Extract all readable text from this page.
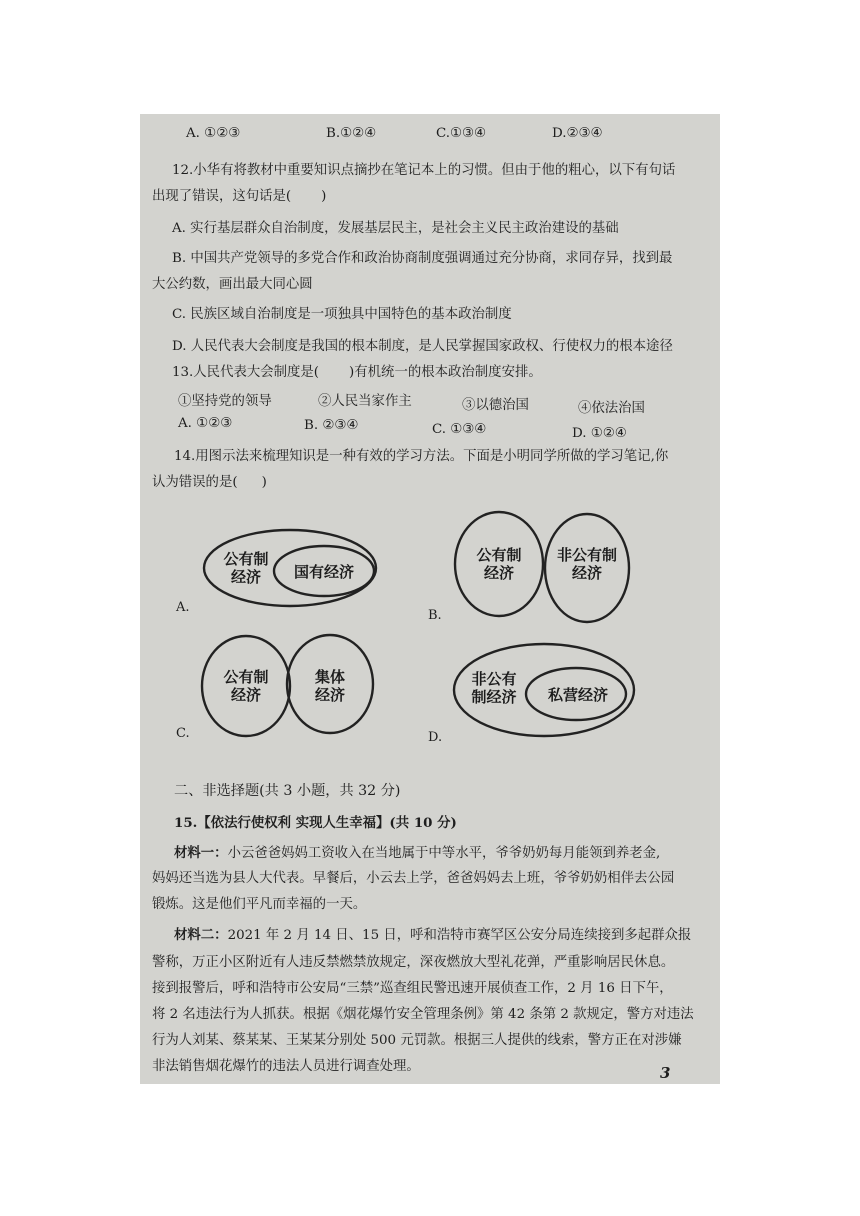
A. ①②③	B.①②④	C.①③④	D.②③④
12.小华有将教材中重要知识点摘抄在笔记本上的习惯。但由于他的粗心，以下有句话
出现了错误，这句话是( )
A. 实行基层群众自治制度，发展基层民主，是社会主义民主政治建设的基础
B. 中国共产党领导的多党合作和政治协商制度强调通过充分协商，求同存异，找到最
大公约数，画出最大同心圆
C. 民族区域自治制度是一项独具中国特色的基本政治制度
D. 人民代表大会制度是我国的根本制度，是人民掌握国家政权、行使权力的根本途径
13.人民代表大会制度是( )有机统一的根本政治制度安排。
①坚持党的领导	②人民当家作主	③以德治国	④依法治国
A. ①②③	B. ②③④	C. ①③④	D. ①②④
14.用图示法来梳理知识是一种有效的学习方法。下面是小明同学所做的学习笔记,你
认为错误的是( )
公有制
经济 国有经济
A.
公有制
经济
非公有制
经济
B.
公有制
经济
集体
经济
C.
非公有
制经济 私营经济
D.
二、非选择题(共 3 小题，共 32 分)
15.【依法行使权利 实现人生幸福】(共 10 分)
材料一：小云爸爸妈妈工资收入在当地属于中等水平，爷爷奶奶每月能领到养老金,
妈妈还当选为县人大代表。早餐后，小云去上学，爸爸妈妈去上班，爷爷奶奶相伴去公园
锻炼。这是他们平凡而幸福的一天。
材料二：2021 年 2 月 14 日、15 日，呼和浩特市赛罕区公安分局连续接到多起群众报
警称，万正小区附近有人违反禁燃禁放规定，深夜燃放大型礼花弹，严重影响居民休息。
接到报警后，呼和浩特市公安局“三禁”巡查组民警迅速开展侦查工作，2 月 16 日下午，
将 2 名违法行为人抓获。根据《烟花爆竹安全管理条例》第 42 条第 2 款规定，警方对违法
行为人刘某、蔡某某、王某某分别处 500 元罚款。根据三人提供的线索，警方正在对涉嫌
非法销售烟花爆竹的违法人员进行调查处理。	3
